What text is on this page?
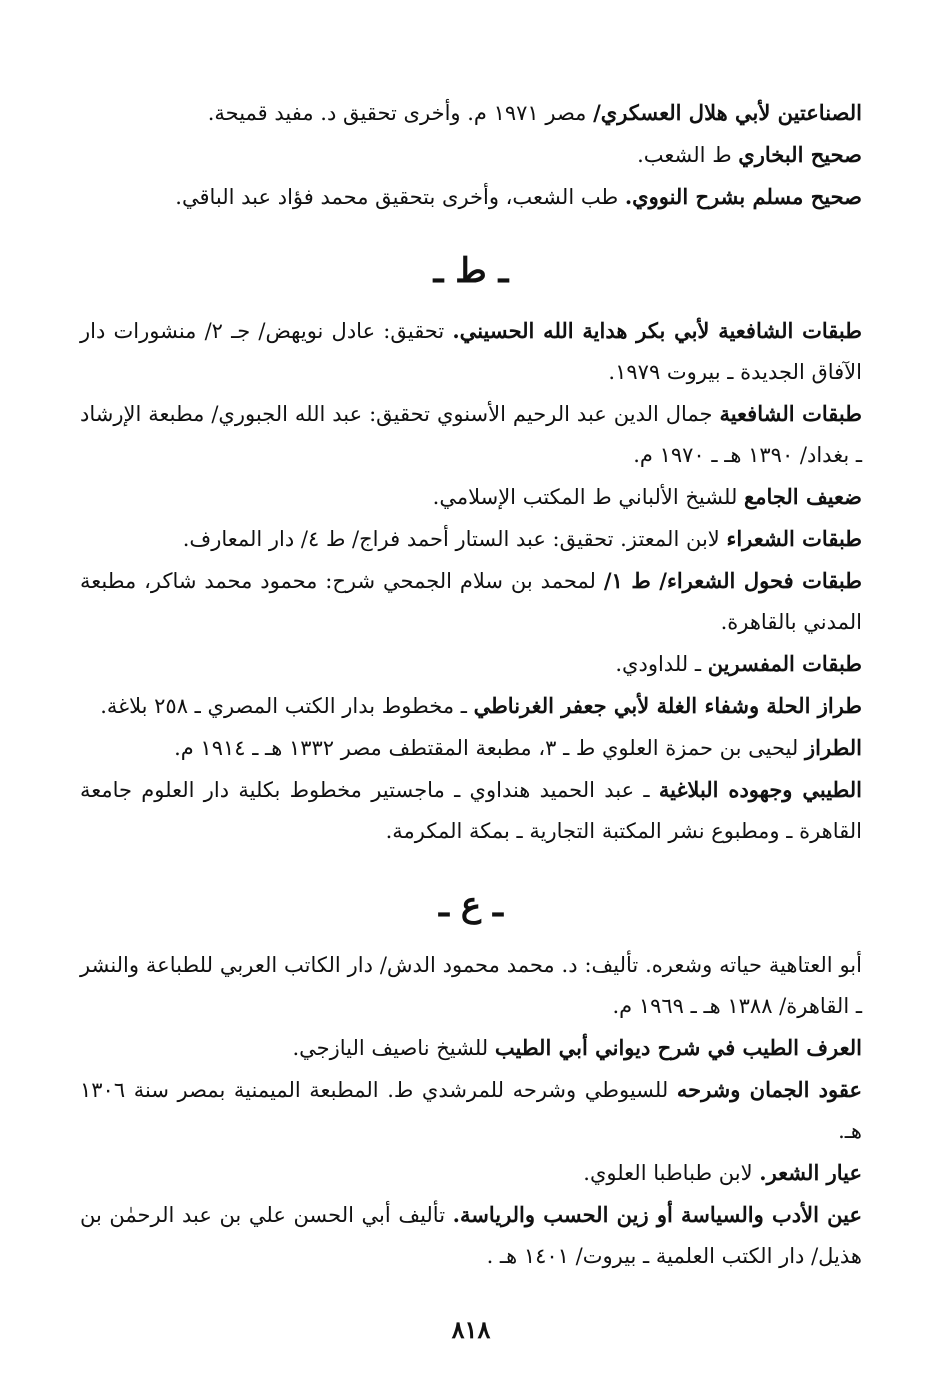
الصناعتين لأبي هلال العسكري/ مصر ١٩٧١ م. وأخرى تحقيق د. مفيد قميحة.

صحيح البخاري ط الشعب.

صحيح مسلم بشرح النووي. طب الشعب، وأخرى بتحقيق محمد فؤاد عبد الباقي.

ـ ط ـ

طبقات الشافعية لأبي بكر هداية الله الحسيني. تحقيق: عادل نويهض/ جـ ٢/ منشورات دار الآفاق الجديدة ـ بيروت ١٩٧٩.

طبقات الشافعية جمال الدين عبد الرحيم الأسنوي تحقيق: عبد الله الجبوري/ مطبعة الإرشاد ـ بغداد/ ١٣٩٠ هـ ـ ١٩٧٠ م.

ضعيف الجامع للشيخ الألباني ط المكتب الإسلامي.

طبقات الشعراء لابن المعتز. تحقيق: عبد الستار أحمد فراج/ ط ٤/ دار المعارف.

طبقات فحول الشعراء/ ط ١/ لمحمد بن سلام الجمحي شرح: محمود محمد شاكر، مطبعة المدني بالقاهرة.

طبقات المفسرين ـ للداودي.

طراز الحلة وشفاء الغلة لأبي جعفر الغرناطي ـ مخطوط بدار الكتب المصري ـ ٢٥٨ بلاغة.

الطراز ليحيى بن حمزة العلوي ط ـ ٣، مطبعة المقتطف مصر ١٣٣٢ هـ ـ ١٩١٤ م.

الطيبي وجهوده البلاغية ـ عبد الحميد هنداوي ـ ماجستير مخطوط بكلية دار العلوم جامعة القاهرة ـ ومطبوع نشر المكتبة التجارية ـ بمكة المكرمة.

ـ ع ـ

أبو العتاهية حياته وشعره. تأليف: د. محمد محمود الدش/ دار الكاتب العربي للطباعة والنشر ـ القاهرة/ ١٣٨٨ هـ ـ ١٩٦٩ م.

العرف الطيب في شرح ديواني أبي الطيب للشيخ ناصيف اليازجي.

عقود الجمان وشرحه للسيوطي وشرحه للمرشدي ط. المطبعة الميمنية بمصر سنة ١٣٠٦ هـ.

عيار الشعر. لابن طباطبا العلوي.

عين الأدب والسياسة أو زين الحسب والرياسة. تأليف أبي الحسن علي بن عبد الرحمٰن بن هذيل/ دار الكتب العلمية ـ بيروت/ ١٤٠١ هـ .

٨١٨
